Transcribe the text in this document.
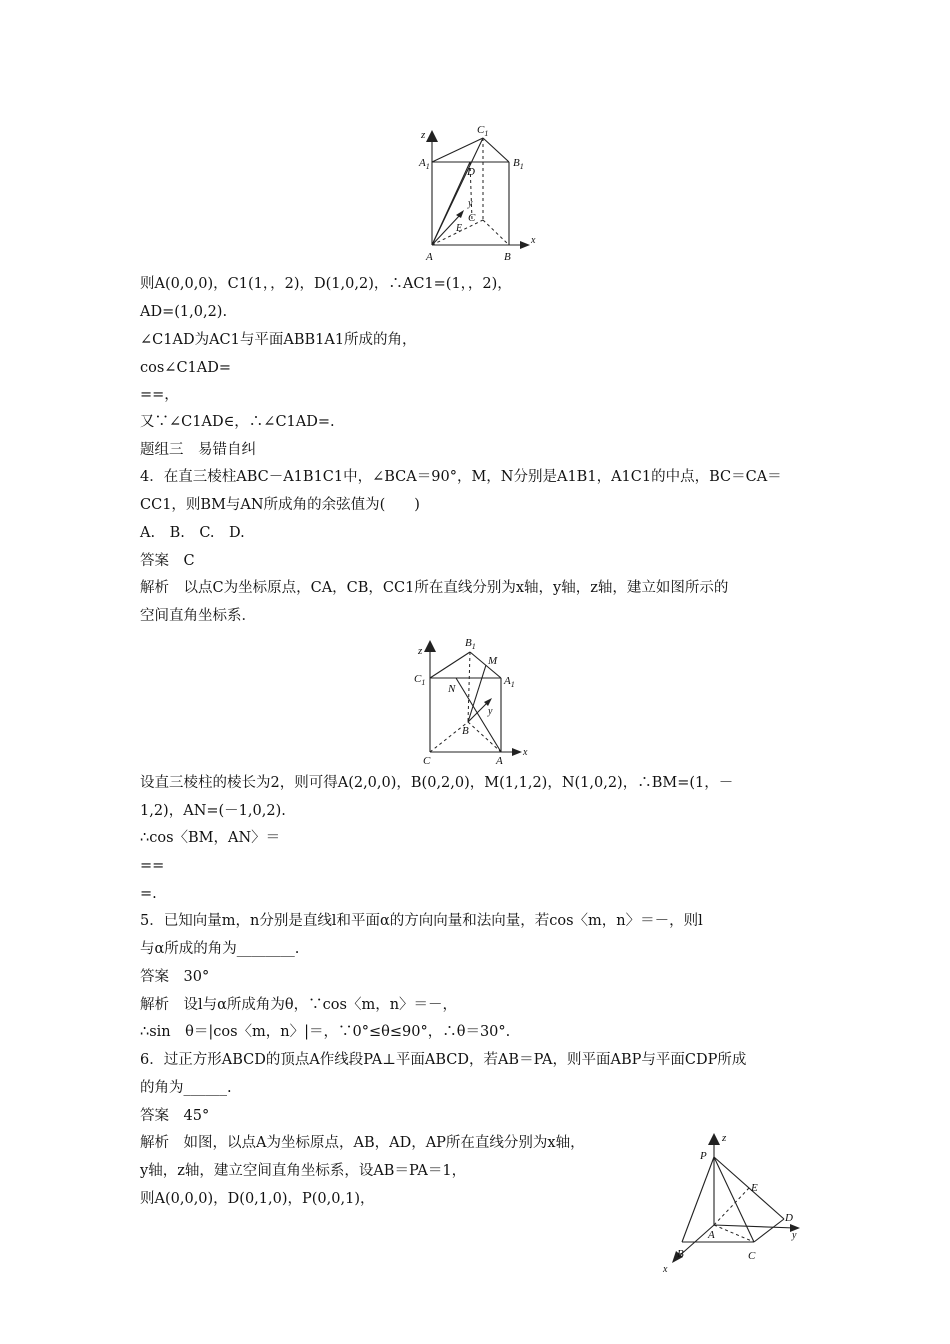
z	$C_1$
$A_1$	$B_1$
D
y
C
E
A	B
x
z
$B_1$
M
$C_1$
N
$A_1$
y
B
C	A
x
z
P
E
D
y
A
B	C
x
则A(0,0,0)，C1(1，，2)，D(1,0,2)，∴AC1=(1，，2)，
AD=(1,0,2).
∠C1AD为AC1与平面ABB1A1所成的角，
cos∠C1AD=
==，
又∵∠C1AD∈，∴∠C1AD=.
题组三　易错自纠
4．在直三棱柱ABC－A1B1C1中，∠BCA＝90°，M，N分别是A1B1，A1C1的中点，BC＝CA＝
CC1，则BM与AN所成角的余弦值为(　　)
A.　B.　C.　D.
答案　C
解析　以点C为坐标原点，CA，CB，CC1所在直线分别为x轴，y轴，z轴，建立如图所示的
空间直角坐标系．
设直三棱柱的棱长为2，则可得A(2,0,0)，B(0,2,0)，M(1,1,2)，N(1,0,2)，∴BM=(1，－
1,2)，AN=(－1,0,2).
∴cos〈BM，AN〉＝
==
=.
5．已知向量m，n分别是直线l和平面α的方向向量和法向量，若cos〈m，n〉＝－，则l
与α所成的角为________.
答案　30°
解析　设l与α所成角为θ，∵cos〈m，n〉＝－，
∴sin　θ＝|cos〈m，n〉|＝，∵0°≤θ≤90°，∴θ＝30°.
6．过正方形ABCD的顶点A作线段PA⊥平面ABCD，若AB＝PA，则平面ABP与平面CDP所成
的角为______.
答案　45°
解析　如图，以点A为坐标原点，AB，AD，AP所在直线分别为x轴，
y轴，z轴，建立空间直角坐标系，设AB＝PA＝1，
则A(0,0,0)，D(0,1,0)，P(0,0,1)，
